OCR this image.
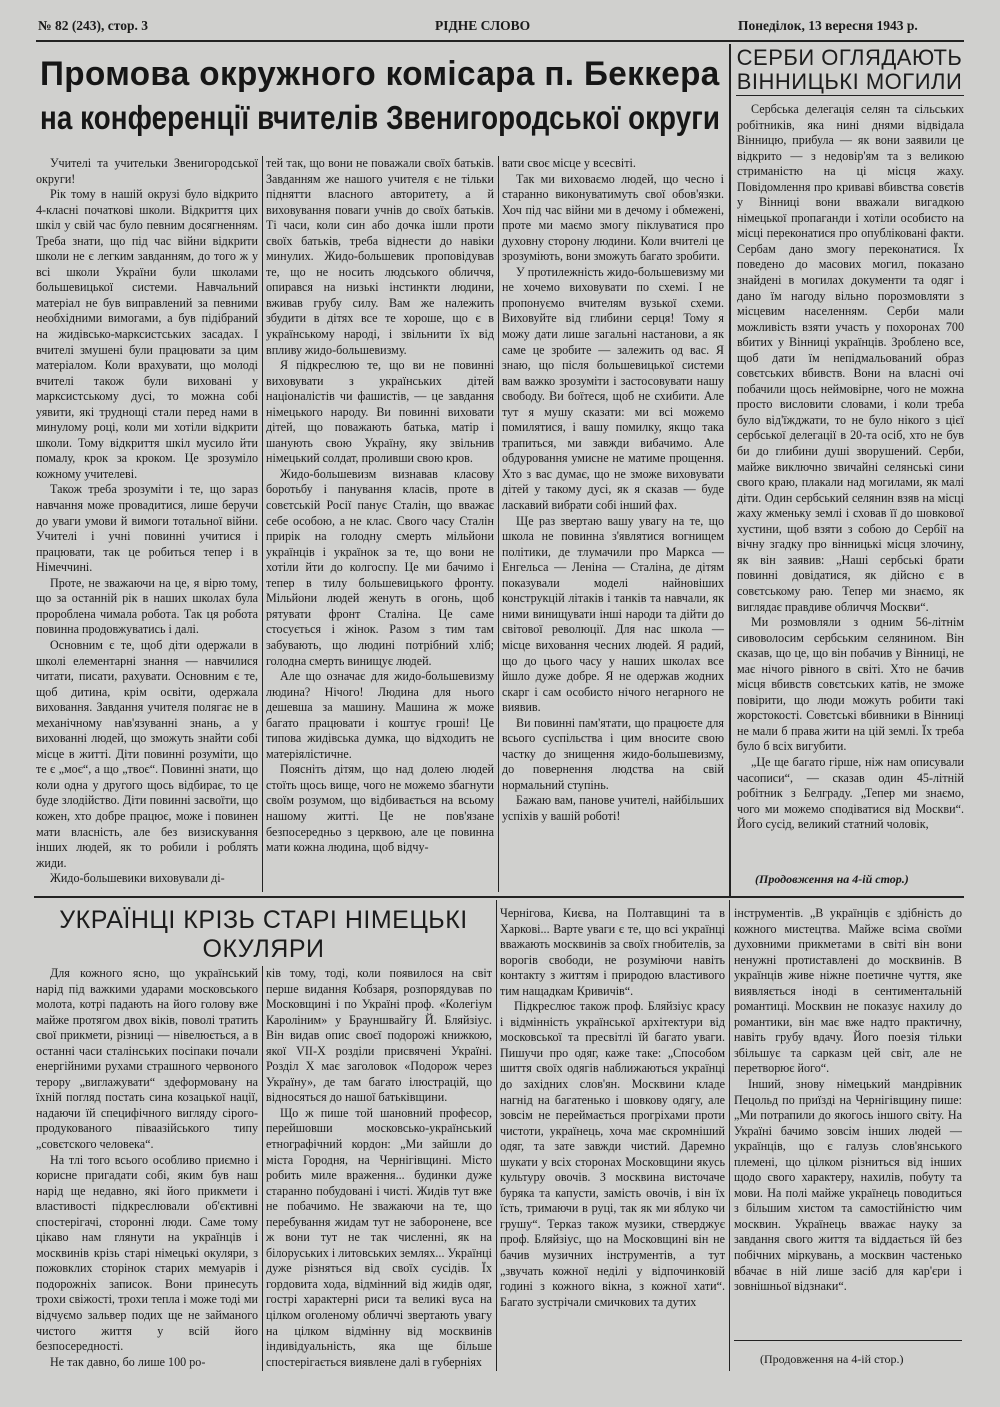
№ 82 (243), стор. 3	РІДНЕ СЛОВО	Понеділок, 13 вересня 1943 р.
Промова окружного комісара п. Беккера
на конференції вчителів Звенигородської округи

Учителі та учительки Звенигородської округи!

Рік тому в нашій окрузі було відкрито 4-класні початкові школи. Відкриття цих шкіл у свій час було певним досягненням. Треба знати, що під час війни відкрити школи не є легким завданням, до того ж у всі школи України були школами большевицької системи. Навчальний матеріал не був виправлений за певними необхідними вимогами, а був підібраний на жидівсько-марксистських засадах. І вчителі змушені були працювати за цим матеріалом. Коли врахувати, що молоді вчителі також були виховані у марксистському дусі, то можна собі уявити, які труднощі стали перед нами в минулому році, коли ми хотіли відкрити школи. Тому відкриття шкіл мусило йти помалу, крок за кроком. Це зрозуміло кожному учителеві.

Також треба зрозуміти і те, що зараз навчання може провадитися, лише беручи до уваги умови й вимоги тотальної війни. Учителі і учні повинні учитися і працювати, так це робиться тепер і в Німеччині.

Проте, не зважаючи на це, я вірю тому, що за останній рік в наших школах була пророблена чимала робота. Так ця робота повинна продовжуватись і далі.

Основним є те, щоб діти одержали в школі елементарні знання — навчилися читати, писати, рахувати. Основним є те, щоб дитина, крім освіти, одержала виховання. Завдання учителя полягає не в механічному нав'язуванні знань, а у вихованні людей, що зможуть знайти собі місце в житті. Діти повинні розуміти, що те є „моє“, а що „твоє“. Повинні знати, що коли одна у другого щось відбирає, то це буде злодійство. Діти повинні засвоїти, що кожен, хто добре працює, може і повинен мати власність, але без визискування інших людей, як то робили і роблять жиди.

Жидо-большевики виховували ді-

тей так, що вони не поважали своїх батьків. Завданням же нашого учителя є не тільки піднятти власного авторитету, а й виховування поваги учнів до своїх батьків. Ті часи, коли син або дочка ішли проти своїх батьків, треба віднести до навіки минулих. Жидо-большевик проповідував те, що не носить людського обличчя, опирався на низькі інстинкти людини, вживав грубу силу. Вам же належить збудити в дітях все те хороше, що є в українському народі, і звільнити їх від впливу жидо-большевизму.

Я підкреслюю те, що ви не повинні виховувати з українських дітей націоналістів чи фашистів, — це завдання німецького народу. Ви повинні виховати дітей, що поважають батька, матір і шанують свою Україну, яку звільнив німецький солдат, проливши свою кров.

Жидо-большевизм визнавав класову боротьбу і панування класів, проте в совєтській Росії панує Сталін, що вважає себе особою, а не клас. Свого часу Сталін прирік на голодну смерть мільйони українців і українок за те, що вони не хотіли йти до колгоспу. Це ми бачимо і тепер в тилу большевицького фронту. Мільйони людей женуть в огонь, щоб рятувати фронт Сталіна. Це саме стосується і жінок. Разом з тим там забувають, що людині потрібний хліб; голодна смерть винищує людей.

Але що означає для жидо-большевизму людина? Нічого! Людина для нього дешевша за машину. Машина ж може багато працювати і коштує гроші! Це типова жидівська думка, що відходить не матеріялістичне.

Поясніть дітям, що над долею людей стоїть щось вище, чого не можемо збагнути своїм розумом, що відбивається на всьому нашому житті. Це не пов'язане безпосередньо з церквою, але це повинна мати кожна людина, щоб відчу-

вати своє місце у всесвіті.

Так ми виховаємо людей, що чесно і старанно виконуватимуть свої обов'язки. Хоч під час війни ми в дечому і обмежені, проте ми маємо змогу піклуватися про духовну сторону людини. Коли вчителі це зрозуміють, вони зможуть багато зробити.

У протилежність жидо-большевизму ми не хочемо виховувати по схемі. І не пропонуємо вчителям вузької схеми. Виховуйте від глибини серця! Тому я можу дати лише загальні настанови, а як саме це зробите — залежить од вас. Я знаю, що після большевицької системи вам важко зрозуміти і застосовувати нашу свободу. Ви боїтеся, щоб не схибити. Але тут я мушу сказати: ми всі можемо помилятися, і вашу помилку, якщо така трапиться, ми завжди вибачимо. Але обдуровання умисне не матиме прощення. Хто з вас думає, що не зможе виховувати дітей у такому дусі, як я сказав — буде ласкавий вибрати собі інший фах.

Ще раз звертаю вашу увагу на те, що школа не повинна з'являтися вогнищем політики, де тлумачили про Маркса — Енгельса — Леніна — Сталіна, де дітям показували моделі найновіших конструкцій літаків і танків та навчали, як ними винищувати інші народи та дійти до світової революції. Для нас школа — місце виховання чесних людей. Я радий, що до цього часу у наших школах все йшло дуже добре. Я не одержав жодних скарг і сам особисто нічого негарного не виявив.

Ви повинні пам'ятати, що працюєте для всього суспільства і цим вносите свою частку до знищення жидо-большевизму, до повернення людства на свій нормальний ступінь.

Бажаю вам, панове учителі, найбільших успіхів у вашій роботі!

СЕРБИ ОГЛЯДАЮТЬ
ВІННИЦЬКІ МОГИЛИ

Сербська делегація селян та сільських робітників, яка нині днями відвідала Вінницю, прибула — як вони заявили це відкрито — з недовір'ям та з великою стриманістю на ці місця жаху. Повідомлення про криваві вбивства совєтів у Вінниці вони вважали вигадкою німецької пропаганди і хотіли особисто на місці переконатися про опубліковані факти. Сербам дано змогу переконатися. Їх поведено до масових могил, показано знайдені в могилах документи та одяг і дано їм нагоду вільно порозмовляти з місцевим населенням. Серби мали можливість взяти участь у похоронах 700 вбитих у Вінниці українців. Зроблено все, щоб дати їм непідмальований образ совєтських вбивств. Вони на власні очі побачили щось неймовірне, чого не можна просто висловити словами, і коли треба було від'їжджати, то не було нікого з цієї сербської делегації в 20-та осіб, хто не був би до глибини душі зворушений. Серби, майже виключно звичайні селянські сини свого краю, плакали над могилами, як малі діти. Один сербський селянин взяв на місці жаху жменьку землі і сховав її до шовкової хустини, щоб взяти з собою до Сербії на вічну згадку про вінницькі місця злочину, як він заявив: „Наші сербські брати повинні довідатися, як дійсно є в совєтському раю. Тепер ми знаємо, як виглядає правдиве обличчя Москви“.

Ми розмовляли з одним 56-літнім сивоволосим сербським селянином. Він сказав, що це, що він побачив у Вінниці, не має нічого рівного в світі. Хто не бачив місця вбивств совєтських катів, не зможе повірити, що люди можуть робити такі жорстокості. Совєтські вбивники в Вінниці не мали б права жити на цій землі. Їх треба було б всіх вигубити.

„Це ще багато гірше, ніж нам описували часописи“, — сказав один 45-літній робітник з Белграду. „Тепер ми знаємо, чого ми можемо сподіватися від Москви“. Його сусід, великий статний чоловік,

(Продовження на 4-ій стор.)
УКРАЇНЦІ КРІЗЬ СТАРІ НІМЕЦЬКІ
ОКУЛЯРИ

Для кожного ясно, що український нарід під важкими ударами московського молота, котрі падають на його голову вже майже протягом двох віків, поволі тратить свої прикмети, різниці — нівелюється, а в останні часи сталінських посіпаки почали енергійними рухами страшного червоного терору „виглажувати“ здеформовану на їхній погляд постать сина козацької нації, надаючи їй специфічного вигляду сірого-продукованого піваазійського типу „совєтского человека“.

На тлі того всього особливо приємно і корисне пригадати собі, яким був наш нарід ще недавно, які його прикмети і властивості підкреслювали об'єктивні спостерігачі, сторонні люди. Саме тому цікаво нам глянути на українців і москвинів крізь старі німецькі окуляри, з пожовклих сторінок старих мемуарів і подорожніх записок. Вони принесуть трохи свіжості, трохи тепла і може тоді ми відчуємо зальвер подих ще не займаного чистого життя у всій його безпосередності.

Не так давно, бо лише 100 ро-

ків тому, тоді, коли появилося на світ перше видання Кобзаря, розпорядував по Московщині і по Україні проф. «Колегіум Кароліним» у Брауншвайгу Й. Бляйзіус. Він видав опис своєї подорожі книжкою, якої VII-X розділи присвячені Україні. Розділ X має заголовок «Подорож через Україну», де там багато ілюстрацій, що відносяться до нашої батьківщини.

Що ж пише той шановний професор, перейшовши московсько-український етнографічний кордон: „Ми зайшли до міста Городня, на Чернігівщині. Місто робить миле враження... будинки дуже старанно побудовані і чисті. Жидів тут вже не побачимо. Не зважаючи на те, що перебування жидам тут не заборонене, все ж вони тут не так численні, як на білоруських і литовських землях... Українці дуже різняться від своїх сусідів. Їх гордовита хода, відмінний від жидів одяг, гострі характерні риси та великі вуса на цілком оголеному обличчі звертають увагу на цілком відмінну від москвинів індивідуальність, яка ще більше спостерігається виявлене далі в губерніях

Чернігова, Києва, на Полтавщині та в Харкові... Варте уваги є те, що всі українці вважають москвинів за своїх гнобителів, за ворогів свободи, не розуміючи навіть контакту з життям і природою властивого тим нащадкам Кривичів“.

Підкреслює також проф. Бляйзіус красу і відмінність української архітектури від московської та пресвітлі їй багато уваги. Пишучи про одяг, каже таке: „Способом шиття своїх одягів наближаються українці до західних слов'ян. Москвини кладе нагнід на багатенько і шовкову одягу, але зовсім не переймається прогріхами проти чистоти, українець, хоча має скромніший одяг, та зате завжди чистий. Даремно шукати у всіх сторонах Московщини якусь культуру овочів. З москвина висточаче буряка та капусти, замість овочів, і він їх їсть, тримаючи в руці, так як ми яблуко чи грушу“. Терказ також музики, стверджує проф. Бляйзіус, що на Московщині він не бачив музичних інструментів, а тут „звучать кожної неділі у відпочинковій годині з кожного вікна, з кожної хати“. Багато зустрічали смичкових та дутих

інструментів. „В українців є здібність до кожного мистецтва. Майже всіма своїми духовними прикметами в світі він вони ненужні протиставлені до москвинів. В українців живе ніжне поетичне чуття, яке виявляється іноді в сентиментальній романтиці. Москвин не показує нахилу до романтики, він має вже надто практичну, навіть грубу вдачу. Його поезія тільки збільшує та сарказм цей світ, але не перетворює його“.

Інший, знову німецький мандрівник Пецольд по приїзді на Чернігівщину пише: „Ми потрапили до якогось іншого світу. На Україні бачимо зовсім інших людей — українців, що є галузь слов'янського племені, що цілком різниться від інших щодо свого характеру, нахилів, побуту та мови. На полі майже українець поводиться з більшим хистом та самостійністю чим москвин. Українець вважає науку за завдання свого життя та віддається їй без побічних міркувань, а москвин частенько вбачає в ній лише засіб для кар'єри і зовнішньої відзнаки“.

(Продовження на 4-ій стор.)
